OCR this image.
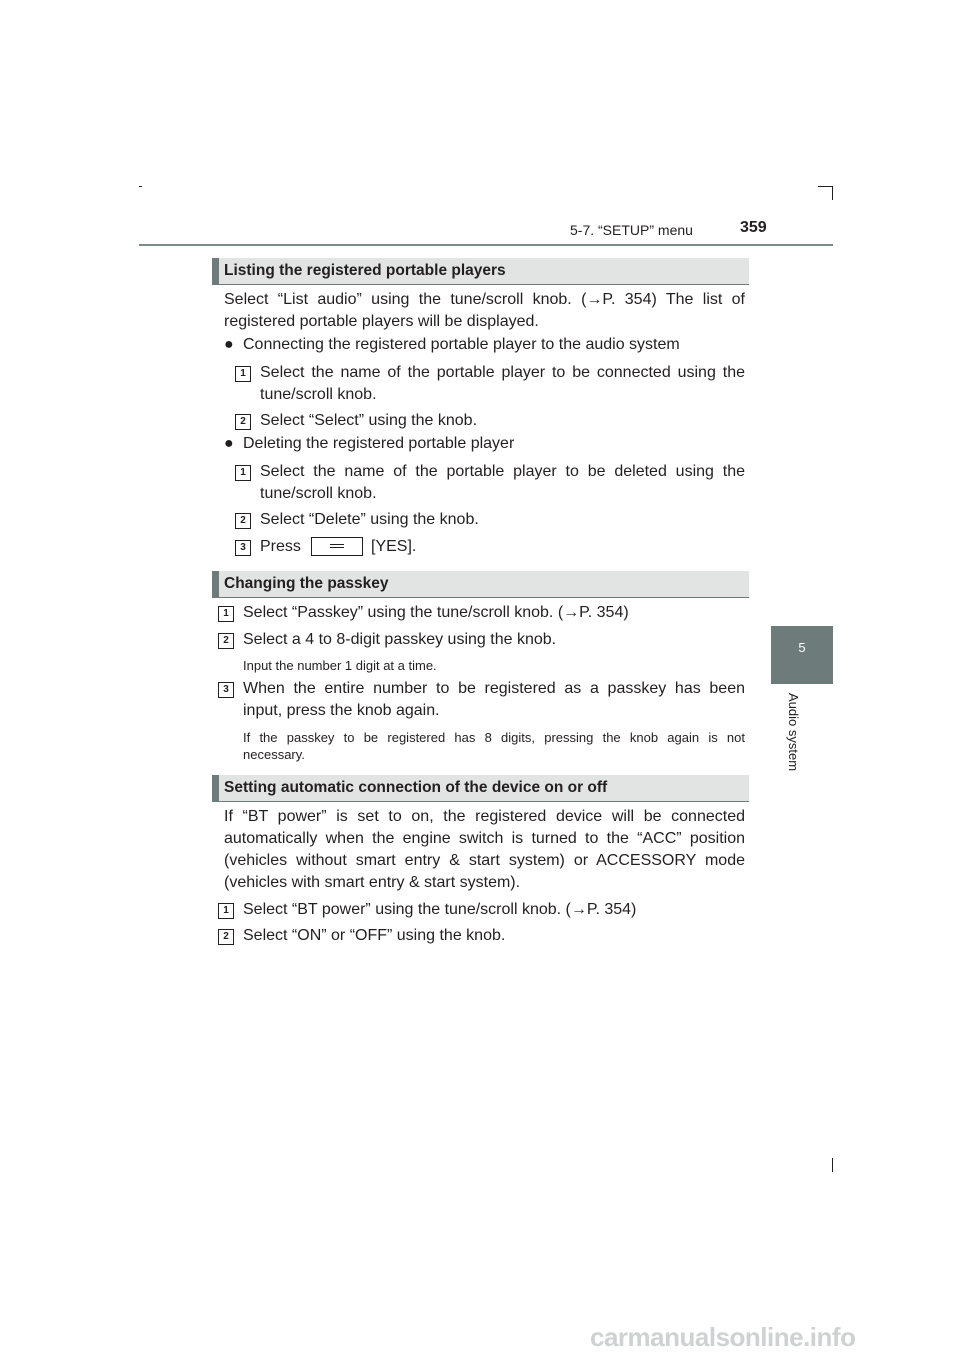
5-7. “SETUP” menu	359
5
Audio system
Listing the registered portable players
Select “List audio” using the tune/scroll knob. (→P. 354) The list of
registered portable players will be displayed.
● Connecting the registered portable player to the audio system
1 Select the name of the portable player to be connected using the
tune/scroll knob.
2 Select “Select” using the knob.
● Deleting the registered portable player
1 Select the name of the portable player to be deleted using the
tune/scroll knob.
2 Select “Delete” using the knob.
3 Press	[YES].
Changing the passkey
1 Select “Passkey” using the tune/scroll knob. (→P. 354)
2 Select a 4 to 8-digit passkey using the knob.
Input the number 1 digit at a time.
3 When the entire number to be registered as a passkey has been
input, press the knob again.
If the passkey to be registered has 8 digits, pressing the knob again is not
necessary.
Setting automatic connection of the device on or off
If “BT power” is set to on, the registered device will be connected
automatically when the engine switch is turned to the “ACC” position
(vehicles without smart entry & start system) or ACCESSORY mode
(vehicles with smart entry & start system).
1 Select “BT power” using the tune/scroll knob. (→P. 354)
2 Select “ON” or “OFF” using the knob.
carmanualsonline.info
